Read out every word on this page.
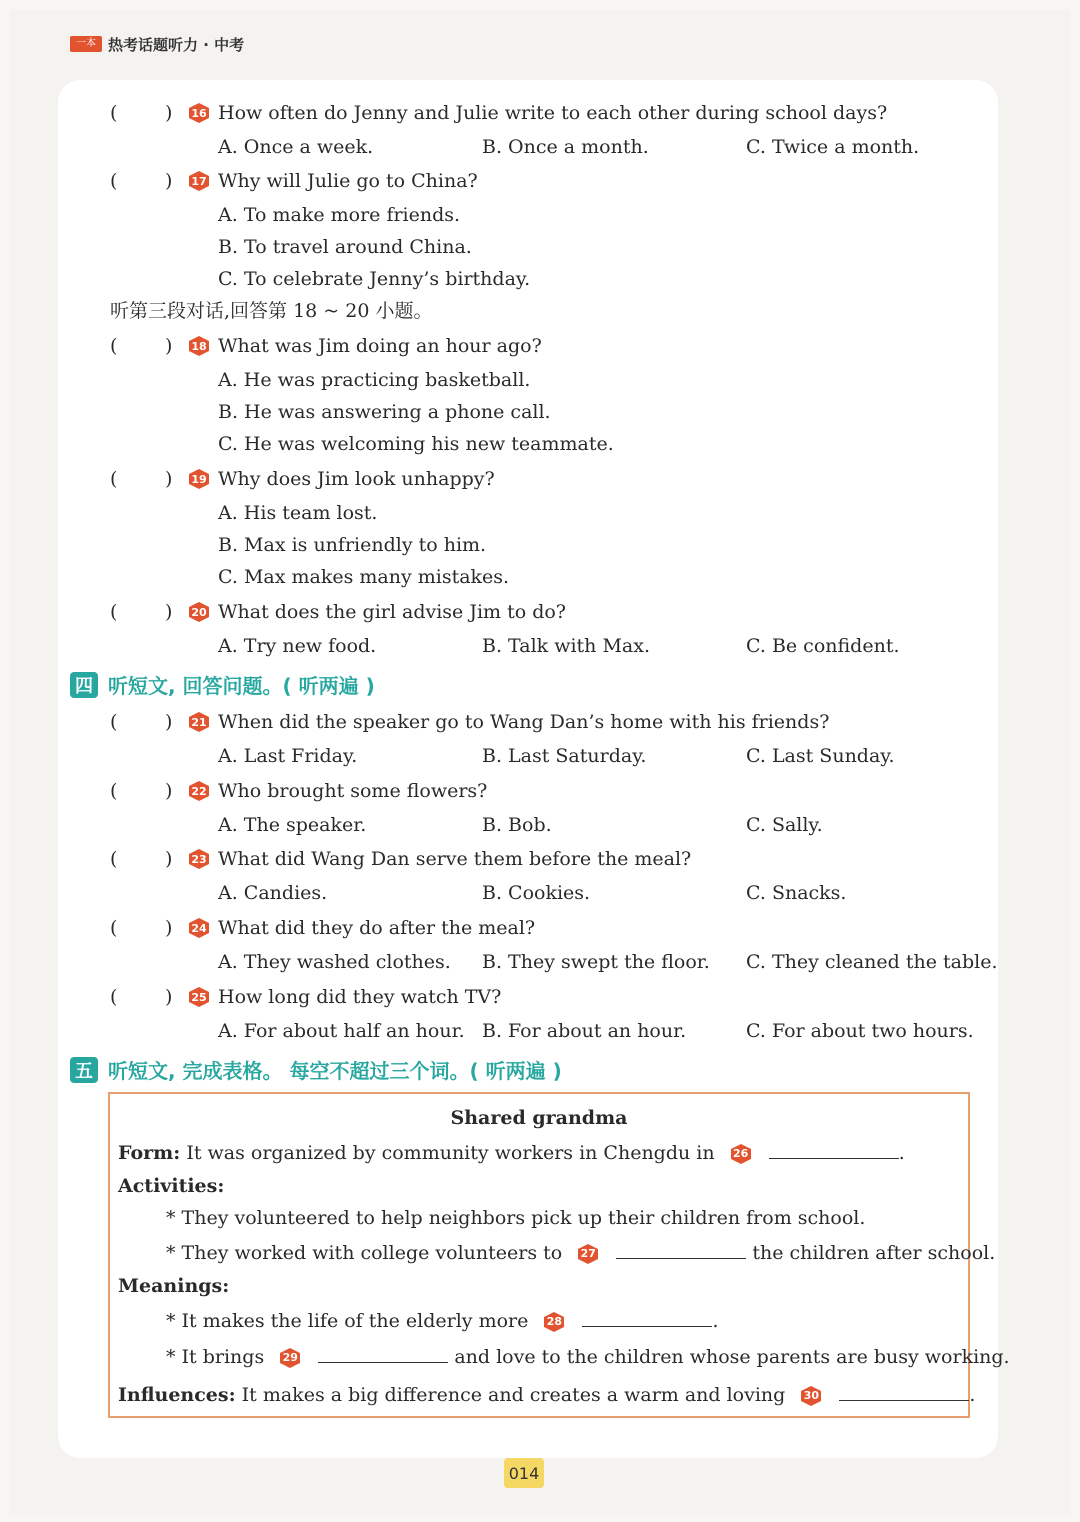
一本 热考话题听力 · 中考
(	) 16 How often do Jenny and Julie write to each other during school days?
A. Once a week.	B. Once a month.	C. Twice a month.
(	) 17 Why will Julie go to China?
A. To make more friends.
B. To travel around China.
C. To celebrate Jenny’s birthday.
(	) 18 What was Jim doing an hour ago?
A. He was practicing basketball.
B. He was answering a phone call.
C. He was welcoming his new teammate.
(	) 19 Why does Jim look unhappy?
A. His team lost.
B. Max is unfriendly to him.
C. Max makes many mistakes.
(	) 20 What does the girl advise Jim to do?
A. Try new food.	B. Talk with Max.	C. Be confident.
(	) 21 When did the speaker go to Wang Dan’s home with his friends?
A. Last Friday.	B. Last Saturday.	C. Last Sunday.
(	) 22 Who brought some flowers?
A. The speaker.	B. Bob.	C. Sally.
(	) 23 What did Wang Dan serve them before the meal?
A. Candies.	B. Cookies.	C. Snacks.
(	) 24 What did they do after the meal?
A. They washed clothes. B. They swept the floor. C. They cleaned the table.
(	) 25 How long did they watch TV?
A. For about half an hour. B. For about an hour.	C. For about two hours.
听第三段对话,回答第 18 ~ 20 小题。
四 听短文, 回答问题。( 听两遍 )
五 听短文, 完成表格。 每空不超过三个词。( 听两遍 )
Shared grandma
Form: It was organized by community workers in Chengdu in 26	.
Activities:
* They volunteered to help neighbors pick up their children from school.
* They worked with college volunteers to 27	the children after school.
Meanings:
* It makes the life of the elderly more 28	.
* It brings 29	and love to the children whose parents are busy working.
Influences: It makes a big difference and creates a warm and loving 30	.
014
